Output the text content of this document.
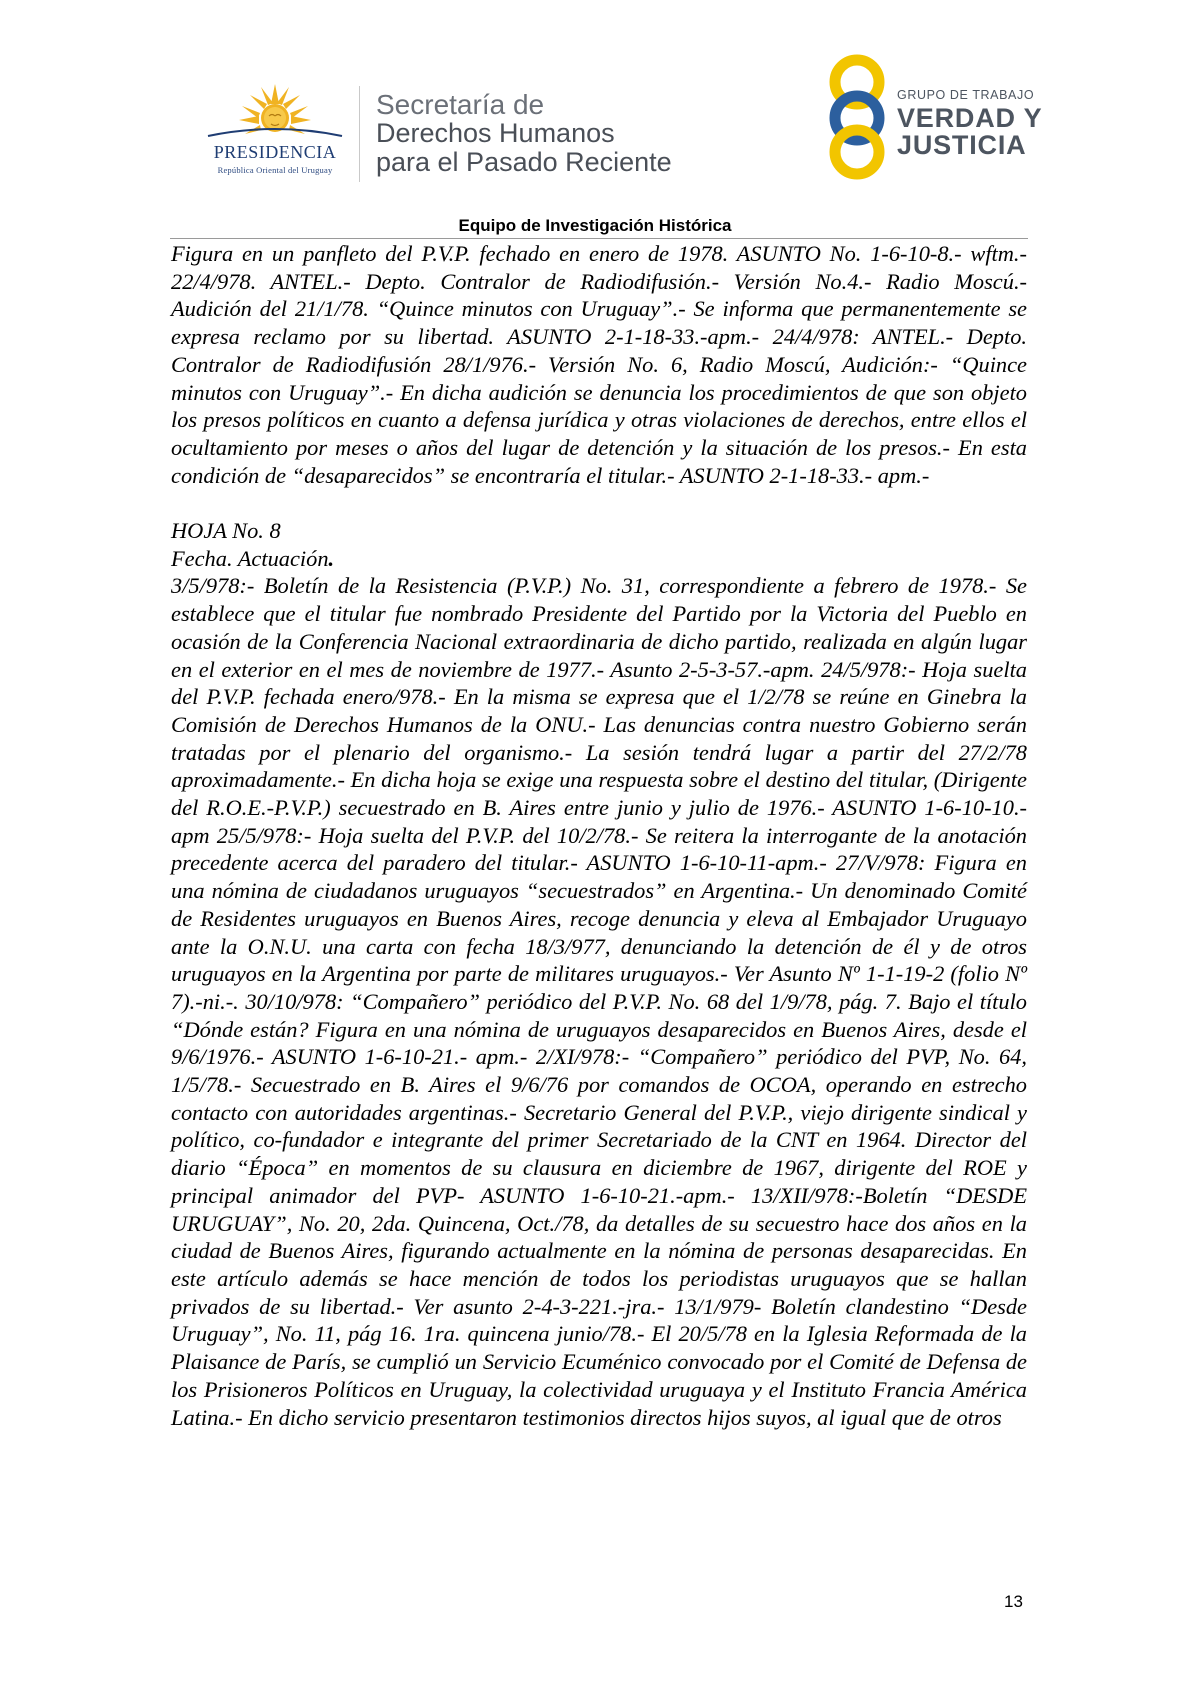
PRESIDENCIA
República Oriental del Uruguay
Secretaría de
Derechos Humanos
para el Pasado Reciente
GRUPO DE TRABAJO
VERDAD Y
JUSTICIA
Equipo de Investigación Histórica

Figura en un panfleto del P.V.P. fechado en enero de 1978. ASUNTO No. 1-6-10-8.- wftm.- 22/4/978. ANTEL.- Depto. Contralor de Radiodifusión.- Versión No.4.- Radio Moscú.- Audición del 21/1/78. “Quince minutos con Uruguay”.- Se informa que permanentemente se expresa reclamo por su libertad. ASUNTO 2-1-18-33.-apm.- 24/4/978: ANTEL.- Depto. Contralor de Radiodifusión 28/1/976.- Versión No. 6, Radio Moscú, Audición:- “Quince minutos con Uruguay”.- En dicha audición se denuncia los procedimientos de que son objeto los presos políticos en cuanto a defensa jurídica y otras violaciones de derechos, entre ellos el ocultamiento por meses o años del lugar de detención y la situación de los presos.- En esta condición de “desaparecidos” se encontraría el titular.- ASUNTO 2-1-18-33.- apm.-

HOJA No. 8
Fecha. Actuación.

3/5/978:- Boletín de la Resistencia (P.V.P.) No. 31, correspondiente a febrero de 1978.- Se establece que el titular fue nombrado Presidente del Partido por la Victoria del Pueblo en ocasión de la Conferencia Nacional extraordinaria de dicho partido, realizada en algún lugar en el exterior en el mes de noviembre de 1977.- Asunto 2-5-3-57.-apm. 24/5/978:- Hoja suelta del P.V.P. fechada enero/978.- En la misma se expresa que el 1/2/78 se reúne en Ginebra la Comisión de Derechos Humanos de la ONU.- Las denuncias contra nuestro Gobierno serán tratadas por el plenario del organismo.- La sesión tendrá lugar a partir del 27/2/78 aproximadamente.- En dicha hoja se exige una respuesta sobre el destino del titular, (Dirigente del R.O.E.-P.V.P.) secuestrado en B. Aires entre junio y julio de 1976.- ASUNTO 1-6-10-10.-apm 25/5/978:- Hoja suelta del P.V.P. del 10/2/78.- Se reitera la interrogante de la anotación precedente acerca del paradero del titular.- ASUNTO 1-6-10-11-apm.- 27/V/978: Figura en una nómina de ciudadanos uruguayos “secuestrados” en Argentina.- Un denominado Comité de Residentes uruguayos en Buenos Aires, recoge denuncia y eleva al Embajador Uruguayo ante la O.N.U. una carta con fecha 18/3/977, denunciando la detención de él y de otros uruguayos en la Argentina por parte de militares uruguayos.- Ver Asunto Nº 1-1-19-2 (folio Nº 7).-ni.-. 30/10/978: “Compañero” periódico del P.V.P. No. 68 del 1/9/78, pág. 7. Bajo el título “Dónde están? Figura en una nómina de uruguayos desaparecidos en Buenos Aires, desde el 9/6/1976.- ASUNTO 1-6-10-21.- apm.- 2/XI/978:- “Compañero” periódico del PVP, No. 64, 1/5/78.- Secuestrado en B. Aires el 9/6/76 por comandos de OCOA, operando en estrecho contacto con autoridades argentinas.- Secretario General del P.V.P., viejo dirigente sindical y político, co-fundador e integrante del primer Secretariado de la CNT en 1964. Director del diario “Época” en momentos de su clausura en diciembre de 1967, dirigente del ROE y principal animador del PVP- ASUNTO 1-6-10-21.-apm.- 13/XII/978:-Boletín “DESDE URUGUAY”, No. 20, 2da. Quincena, Oct./78, da detalles de su secuestro hace dos años en la ciudad de Buenos Aires, figurando actualmente en la nómina de personas desaparecidas. En este artículo además se hace mención de todos los periodistas uruguayos que se hallan privados de su libertad.- Ver asunto 2-4-3-221.-jra.- 13/1/979- Boletín clandestino “Desde Uruguay”, No. 11, pág 16. 1ra. quincena junio/78.- El 20/5/78 en la Iglesia Reformada de la Plaisance de París, se cumplió un Servicio Ecuménico convocado por el Comité de Defensa de los Prisioneros Políticos en Uruguay, la colectividad uruguaya y el Instituto Francia América Latina.- En dicho servicio presentaron testimonios directos hijos suyos, al igual que de otros

13
